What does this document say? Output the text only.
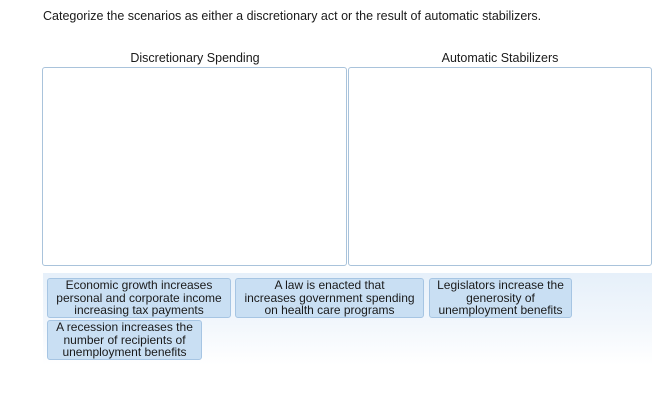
Categorize the scenarios as either a discretionary act or the result of automatic stabilizers.
Discretionary Spending	Automatic Stabilizers
Economic growth increases
personal and corporate income
increasing tax payments
A law is enacted that
increases government spending
on health care programs
Legislators increase the
generosity of
unemployment benefits
A recession increases the
number of recipients of
unemployment benefits
